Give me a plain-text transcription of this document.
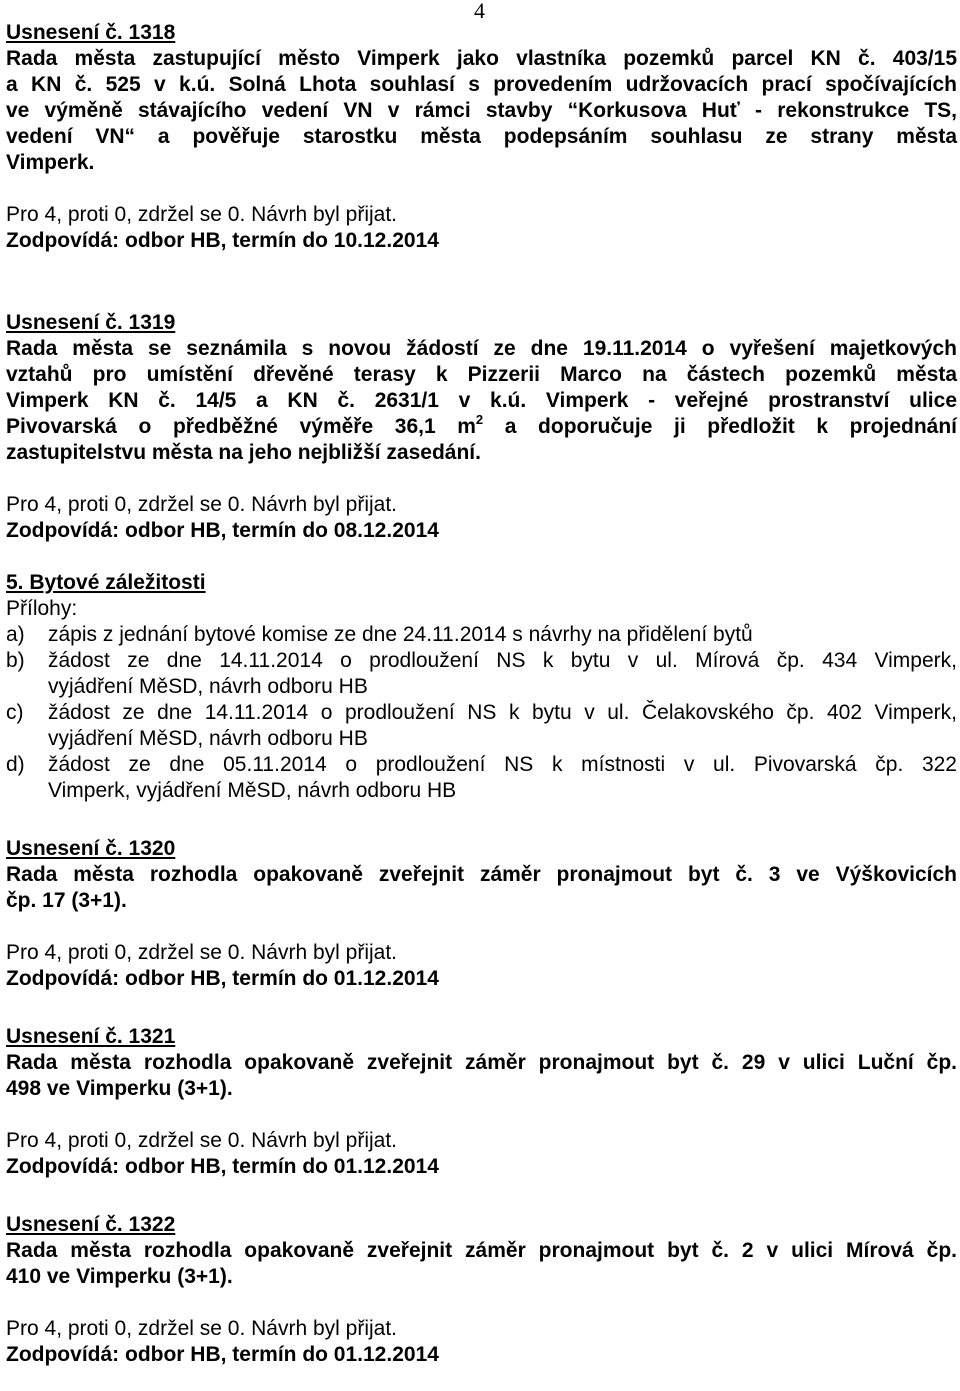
4
Usnesení č. 1318
Rada města zastupující město Vimperk jako vlastníka pozemků parcel KN č. 403/15
a KN č. 525 v k.ú. Solná Lhota souhlasí s provedením udržovacích prací spočívajících
ve výměně stávajícího vedení VN v rámci stavby “Korkusova Huť - rekonstrukce TS,
vedení VN“ a pověřuje starostku města podepsáním souhlasu ze strany města
Vimperk.
Pro 4, proti 0, zdržel se 0. Návrh byl přijat.
Zodpovídá: odbor HB, termín do 10.12.2014
Usnesení č. 1319
Rada města se seznámila s novou žádostí ze dne 19.11.2014 o vyřešení majetkových
vztahů pro umístění dřevěné terasy k Pizzerii Marco na částech pozemků města
Vimperk KN č. 14/5 a KN č. 2631/1 v k.ú. Vimperk - veřejné prostranství ulice
Pivovarská o předběžné výměře 36,1 $m^2$ a doporučuje ji předložit k projednání
zastupitelstvu města na jeho nejbližší zasedání.
Pro 4, proti 0, zdržel se 0. Návrh byl přijat.
Zodpovídá: odbor HB, termín do 08.12.2014
5. Bytové záležitosti
Přílohy:
a) zápis z jednání bytové komise ze dne 24.11.2014 s návrhy na přidělení bytů
b) žádost ze dne 14.11.2014 o prodloužení NS k bytu v ul. Mírová čp. 434 Vimperk,
vyjádření MěSD, návrh odboru HB
c) žádost ze dne 14.11.2014 o prodloužení NS k bytu v ul. Čelakovského čp. 402 Vimperk,
vyjádření MěSD, návrh odboru HB
d) žádost ze dne 05.11.2014 o prodloužení NS k místnosti v ul. Pivovarská čp. 322
Vimperk, vyjádření MěSD, návrh odboru HB
Usnesení č. 1320
Rada města rozhodla opakovaně zveřejnit záměr pronajmout byt č. 3 ve Výškovicích
čp. 17 (3+1).
Pro 4, proti 0, zdržel se 0. Návrh byl přijat.
Zodpovídá: odbor HB, termín do 01.12.2014
Usnesení č. 1321
Rada města rozhodla opakovaně zveřejnit záměr pronajmout byt č. 29 v ulici Luční čp.
498 ve Vimperku (3+1).
Pro 4, proti 0, zdržel se 0. Návrh byl přijat.
Zodpovídá: odbor HB, termín do 01.12.2014
Usnesení č. 1322
Rada města rozhodla opakovaně zveřejnit záměr pronajmout byt č. 2 v ulici Mírová čp.
410 ve Vimperku (3+1).
Pro 4, proti 0, zdržel se 0. Návrh byl přijat.
Zodpovídá: odbor HB, termín do 01.12.2014
